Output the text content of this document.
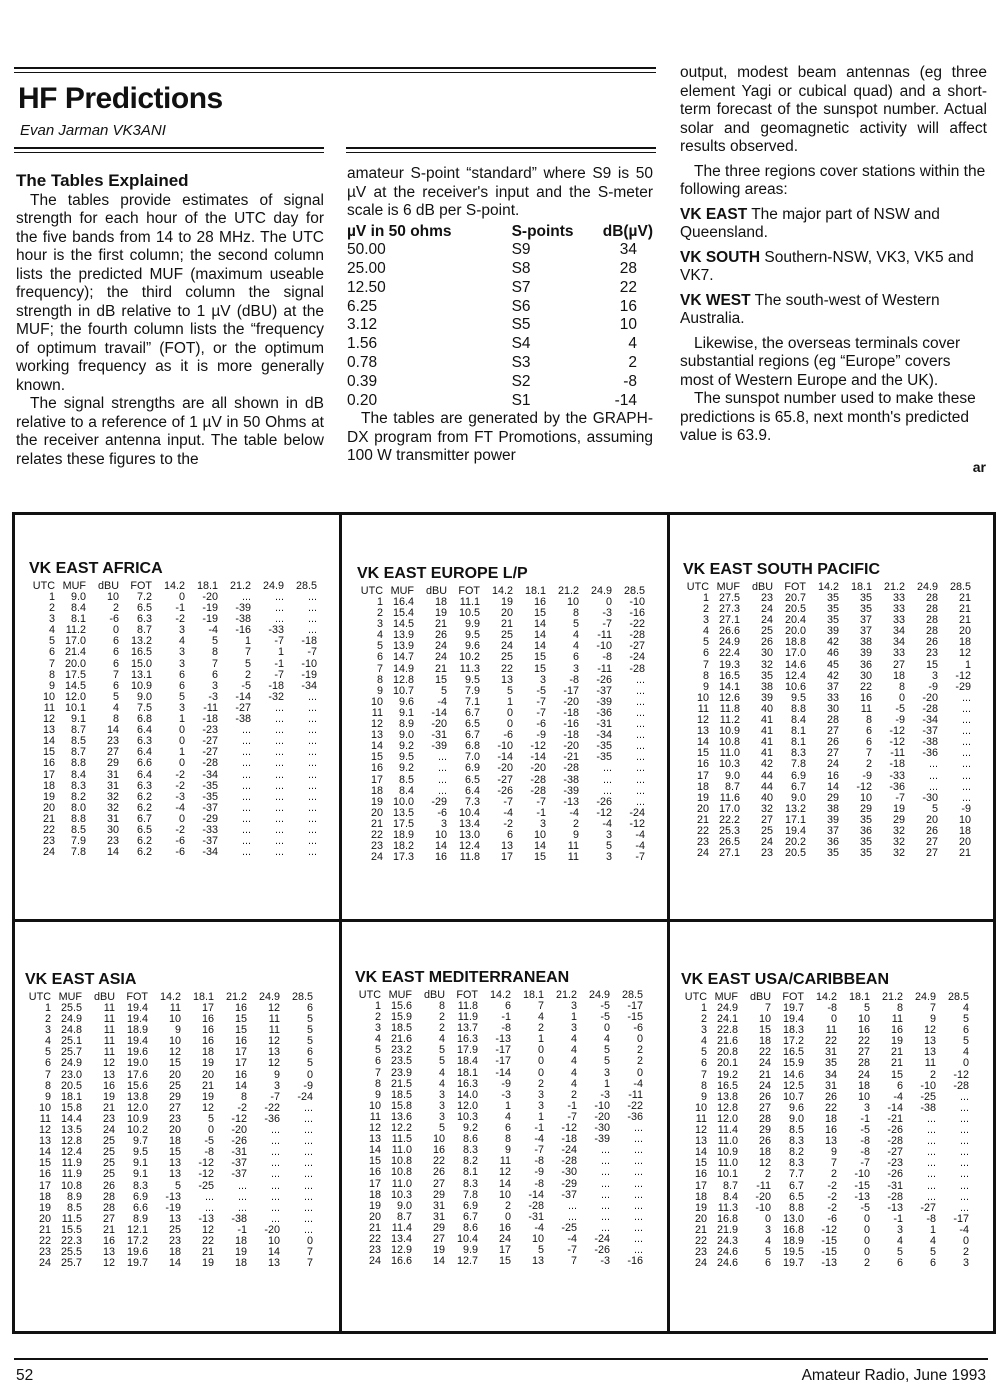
HF Predictions
Evan Jarman VK3ANI
The Tables Explained

The tables provide estimates of signal strength for each hour of the UTC day for the five bands from 14 to 28 MHz. The UTC hour is the first column; the second column lists the predicted MUF (maximum useable frequency); the third column the signal strength in dB relative to 1 µV (dBU) at the MUF; the fourth column lists the “frequency of optimum travail” (FOT), or the optimum working frequency as it is more generally known.

The signal strengths are all shown in dB relative to a reference of 1 µV in 50 Ohms at the receiver antenna input. The table below relates these figures to the

amateur S-point “standard” where S9 is 50 µV at the receiver's input and the S-meter scale is 6 dB per S-point.

µV in 50 ohms	S-points	dB(µV)
50.00	S9	34
25.00	S8	28
12.50	S7	22
6.25	S6	16
3.12	S5	10
1.56	S4	4
0.78	S3	2
0.39	S2	-8
0.20	S1	-14

The tables are generated by the GRAPH-DX program from FT Promotions, assuming 100 W transmitter power

output, modest beam antennas (eg three element Yagi or cubical quad) and a short-term forecast of the sunspot number. Actual solar and geomagnetic activity will affect results observed.

The three regions cover stations within the following areas:

VK EAST The major part of NSW and Queensland.

VK SOUTH Southern-NSW, VK3, VK5 and VK7.

VK WEST The south-west of Western Australia.

Likewise, the overseas terminals cover substantial regions (eg “Europe” covers most of Western Europe and the UK).

The sunspot number used to make these predictions is 65.8, next month's predicted value is 63.9.

ar
VK EAST AFRICA
UTC	MUF	dBU	FOT	14.2	18.1	21.2	24.9	28.5
1	9.0	10	7.2	0	-20	...	...	...
2	8.4	2	6.5	-1	-19	-39	...	...
3	8.1	-6	6.3	-2	-19	-38	...	...
4	11.2	0	8.7	3	-4	-16	-33	...
5	17.0	6	13.2	4	5	1	-7	-18
6	21.4	6	16.5	3	8	7	1	-7
7	20.0	6	15.0	3	7	5	-1	-10
8	17.5	7	13.1	6	6	2	-7	-19
9	14.5	6	10.9	6	3	-5	-18	-34
10	12.0	5	9.0	5	-3	-14	-32	...
11	10.1	4	7.5	3	-11	-27	...	...
12	9.1	8	6.8	1	-18	-38	...	...
13	8.7	14	6.4	0	-23	...	...	...
14	8.5	23	6.3	0	-27	...	...	...
15	8.7	27	6.4	1	-27	...	...	...
16	8.8	29	6.6	0	-28	...	...	...
17	8.4	31	6.4	-2	-34	...	...	...
18	8.3	31	6.3	-2	-35	...	...	...
19	8.2	32	6.2	-3	-35	...	...	...
20	8.0	32	6.2	-4	-37	...	...	...
21	8.8	31	6.7	0	-29	...	...	...
22	8.5	30	6.5	-2	-33	...	...	...
23	7.9	23	6.2	-6	-37	...	...	...
24	7.8	14	6.2	-6	-34	...	...	...
VK EAST EUROPE L/P
UTC	MUF	dBU	FOT	14.2	18.1	21.2	24.9	28.5
1	16.4	18	11.1	19	16	10	0	-10
2	15.4	19	10.5	20	15	8	-3	-16
3	14.5	21	9.9	21	14	5	-7	-22
4	13.9	26	9.5	25	14	4	-11	-28
5	13.9	24	9.6	24	14	4	-10	-27
6	14.7	24	10.2	25	15	6	-8	-24
7	14.9	21	11.3	22	15	3	-11	-28
8	12.8	15	9.5	13	3	-8	-26	...
9	10.7	5	7.9	5	-5	-17	-37	...
10	9.6	-4	7.1	1	-7	-20	-39	...
11	9.1	-14	6.7	0	-7	-18	-36	...
12	8.9	-20	6.5	0	-6	-16	-31	...
13	9.0	-31	6.7	-6	-9	-18	-34	...
14	9.2	-39	6.8	-10	-12	-20	-35	...
15	9.5	...	7.0	-14	-14	-21	-35	...
16	9.2	...	6.9	-20	-20	-28	...	...
17	8.5	...	6.5	-27	-28	-38	...	...
18	8.4	...	6.4	-26	-28	-39	...	...
19	10.0	-29	7.3	-7	-7	-13	-26	...
20	13.5	-6	10.4	-4	-1	-4	-12	-24
21	17.5	3	13.4	-2	3	2	-4	-12
22	18.9	10	13.0	6	10	9	3	-4
23	18.2	14	12.4	13	14	11	5	-4
24	17.3	16	11.8	17	15	11	3	-7
VK EAST SOUTH PACIFIC
UTC	MUF	dBU	FOT	14.2	18.1	21.2	24.9	28.5
1	27.5	23	20.7	35	35	33	28	21
2	27.3	24	20.5	35	35	33	28	21
3	27.1	24	20.4	35	37	33	28	21
4	26.6	25	20.0	39	37	34	28	20
5	24.9	26	18.8	42	38	34	26	18
6	22.4	30	17.0	46	39	33	23	12
7	19.3	32	14.6	45	36	27	15	1
8	16.5	35	12.4	42	30	18	3	-12
9	14.1	38	10.6	37	22	8	-9	-29
10	12.6	39	9.5	33	16	0	-20	...
11	11.8	40	8.8	30	11	-5	-28	...
12	11.2	41	8.4	28	8	-9	-34	...
13	10.9	41	8.1	27	6	-12	-37	...
14	10.8	41	8.1	26	6	-12	-38	...
15	11.0	41	8.3	27	7	-11	-36	...
16	10.3	42	7.8	24	2	-18	...	...
17	9.0	44	6.9	16	-9	-33	...	...
18	8.7	44	6.7	14	-12	-36	...	...
19	11.6	40	9.0	29	10	-7	-30	...
20	17.0	32	13.2	38	29	19	5	-9
21	22.2	27	17.1	39	35	29	20	10
22	25.3	25	19.4	37	36	32	26	18
23	26.5	24	20.2	36	35	32	27	20
24	27.1	23	20.5	35	35	32	27	21
VK EAST ASIA
UTC	MUF	dBU	FOT	14.2	18.1	21.2	24.9	28.5
1	25.5	11	19.4	11	17	16	12	6
2	24.9	11	19.4	10	16	15	11	5
3	24.8	11	18.9	9	16	15	11	5
4	25.1	11	19.4	10	16	16	12	5
5	25.7	11	19.6	12	18	17	13	6
6	24.9	12	19.0	15	19	17	12	5
7	23.0	13	17.6	20	20	16	9	0
8	20.5	16	15.6	25	21	14	3	-9
9	18.1	19	13.8	29	19	8	-7	-24
10	15.8	21	12.0	27	12	-2	-22	...
11	14.4	23	10.9	23	5	-12	-36	...
12	13.5	24	10.2	20	0	-20	...	...
13	12.8	25	9.7	18	-5	-26	...	...
14	12.4	25	9.5	15	-8	-31	...	...
15	11.9	25	9.1	13	-12	-37	...	...
16	11.9	25	9.1	13	-12	-37	...	...
17	10.8	26	8.3	5	-25	...	...	...
18	8.9	28	6.9	-13	...	...	...	...
19	8.5	28	6.6	-19	...	...	...	...
20	11.5	27	8.9	13	-13	-38	...	...
21	15.5	21	12.1	25	12	-1	-20	...
22	22.3	16	17.2	23	22	18	10	0
23	25.5	13	19.6	18	21	19	14	7
24	25.7	12	19.7	14	19	18	13	7
VK EAST MEDITERRANEAN
UTC	MUF	dBU	FOT	14.2	18.1	21.2	24.9	28.5
1	15.6	8	11.8	6	7	3	-5	-17
2	15.9	2	11.9	-1	4	1	-5	-15
3	18.5	2	13.7	-8	2	3	0	-6
4	21.6	4	16.3	-13	1	4	4	0
5	23.2	5	17.9	-17	0	4	5	2
6	23.5	5	18.4	-17	0	4	5	2
7	23.9	4	18.1	-14	0	4	3	0
8	21.5	4	16.3	-9	2	4	1	-4
9	18.5	3	14.0	-3	3	2	-3	-11
10	15.8	3	12.0	1	3	-1	-10	-22
11	13.6	3	10.3	4	1	-7	-20	-36
12	12.2	5	9.2	6	-1	-12	-30	...
13	11.5	10	8.6	8	-4	-18	-39	...
14	11.0	16	8.3	9	-7	-24	...	...
15	10.8	22	8.2	11	-8	-28	...	...
16	10.8	26	8.1	12	-9	-30	...	...
17	11.0	27	8.3	14	-8	-29	...	...
18	10.3	29	7.8	10	-14	-37	...	...
19	9.0	31	6.9	2	-28	...	...	...
20	8.7	31	6.7	0	-31	...	...	...
21	11.4	29	8.6	16	-4	-25	...	...
22	13.4	27	10.4	24	10	-4	-24	...
23	12.9	19	9.9	17	5	-7	-26	...
24	16.6	14	12.7	15	13	7	-3	-16
VK EAST USA/CARIBBEAN
UTC	MUF	dBU	FOT	14.2	18.1	21.2	24.9	28.5
1	24.9	7	19.7	-8	5	8	7	4
2	24.1	10	19.4	0	10	11	9	5
3	22.8	15	18.3	11	16	16	12	6
4	21.6	18	17.2	22	22	19	13	5
5	20.8	22	16.5	31	27	21	13	4
6	20.1	24	15.9	35	28	21	11	0
7	19.2	21	14.6	34	24	15	2	-12
8	16.5	24	12.5	31	18	6	-10	-28
9	13.8	26	10.7	26	10	-4	-25	...
10	12.8	27	9.6	22	3	-14	-38	...
11	12.0	28	9.0	18	-1	-21	...	...
12	11.4	29	8.5	16	-5	-26	...	...
13	11.0	26	8.3	13	-8	-28	...	...
14	10.9	18	8.2	9	-8	-27	...	...
15	11.0	12	8.3	7	-7	-23	...	...
16	10.1	2	7.7	2	-10	-26	...	...
17	8.7	-11	6.7	-2	-15	-31	...	...
18	8.4	-20	6.5	-2	-13	-28	...	...
19	11.3	-10	8.8	-2	-5	-13	-27	...
20	16.8	0	13.0	-6	0	-1	-8	-17
21	21.9	3	16.8	-12	0	3	1	-4
22	24.3	4	18.9	-15	0	4	4	0
23	24.6	5	19.5	-15	0	5	5	2
24	24.6	6	19.7	-13	2	6	6	3
52	Amateur Radio, June 1993
